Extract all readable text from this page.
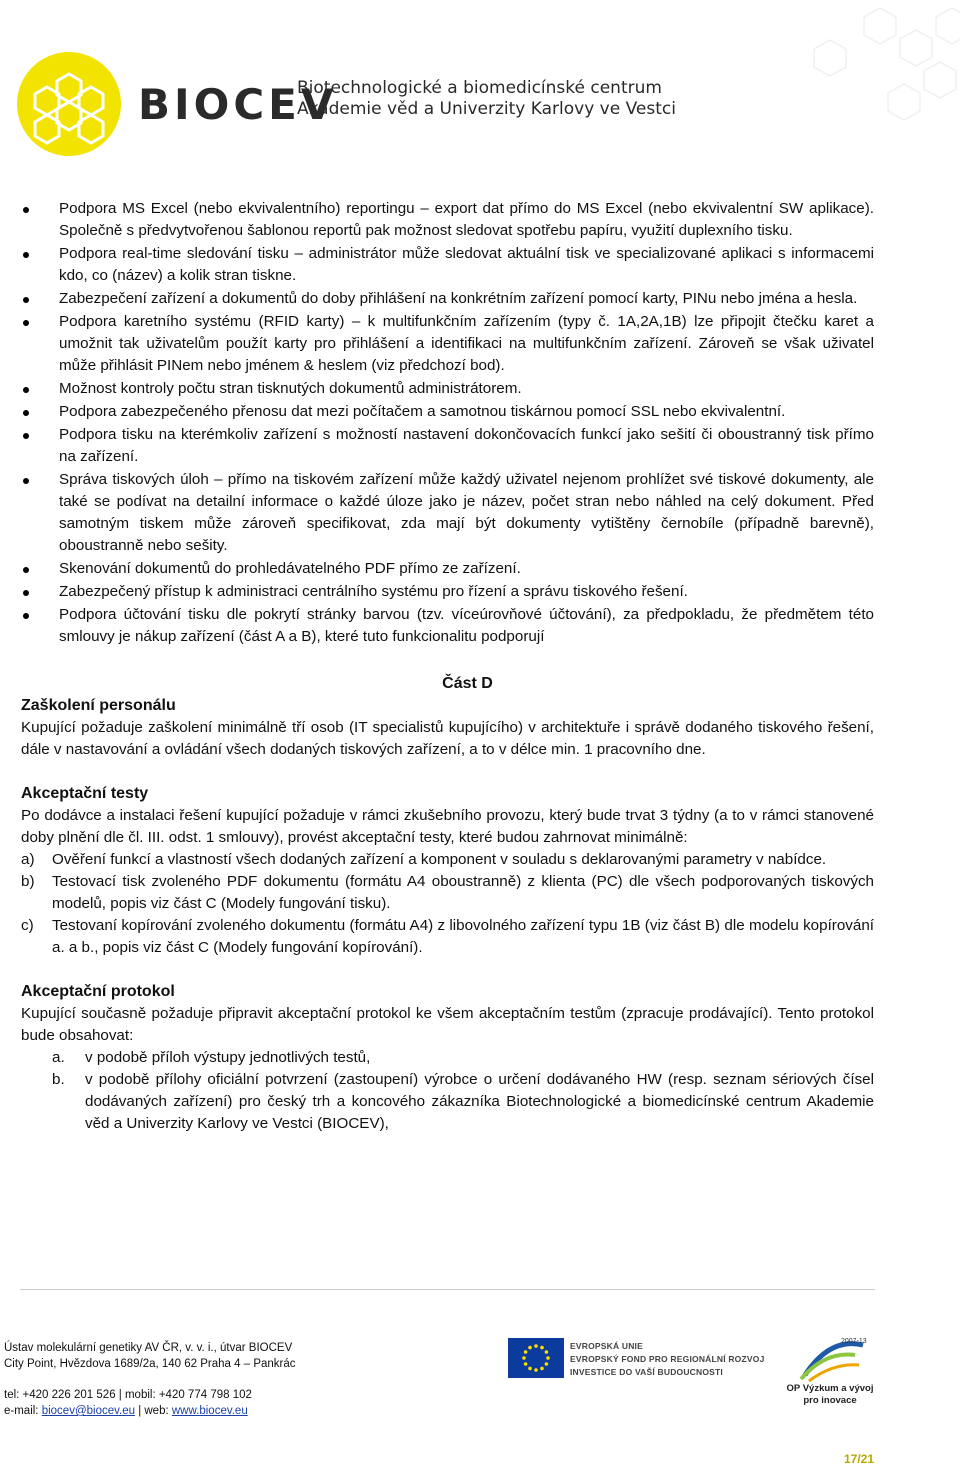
BIOCEV
Biotechnologické a biomedicínské centrum
Akademie věd a Univerzity Karlovy ve Vestci
Podpora MS Excel (nebo ekvivalentního) reportingu – export dat přímo do MS Excel (nebo ekvivalentní SW aplikace). Společně s předvytvořenou šablonou reportů pak možnost sledovat spotřebu papíru, využití duplexního tisku.
Podpora real-time sledování tisku – administrátor může sledovat aktuální tisk ve specializované aplikaci s informacemi kdo, co (název) a kolik stran tiskne.
Zabezpečení zařízení a dokumentů do doby přihlášení na konkrétním zařízení pomocí karty, PINu nebo jména a hesla.
Podpora karetního systému (RFID karty) – k multifunkčním zařízením (typy č. 1A,2A,1B) lze připojit čtečku karet a umožnit tak uživatelům použít karty pro přihlášení a identifikaci na multifunkčním zařízení. Zároveň se však uživatel může přihlásit PINem nebo jménem & heslem (viz předchozí bod).
Možnost kontroly počtu stran tisknutých dokumentů administrátorem.
Podpora zabezpečeného přenosu dat mezi počítačem a samotnou tiskárnou pomocí SSL nebo ekvivalentní.
Podpora tisku na kterémkoliv zařízení s možností nastavení dokončovacích funkcí jako sešití či oboustranný tisk přímo na zařízení.
Správa tiskových úloh – přímo na tiskovém zařízení může každý uživatel nejenom prohlížet své tiskové dokumenty, ale také se podívat na detailní informace o každé úloze jako je název, počet stran nebo náhled na celý dokument. Před samotným tiskem může zároveň specifikovat, zda mají být dokumenty vytištěny černobíle (případně barevně), oboustranně nebo sešity.
Skenování dokumentů do prohledávatelného PDF přímo ze zařízení.
Zabezpečený přístup k administraci centrálního systému pro řízení a správu tiskového řešení.
Podpora účtování tisku dle pokrytí stránky barvou (tzv. víceúrovňové účtování), za předpokladu, že předmětem této smlouvy je nákup zařízení (část A a B), které tuto funkcionalitu podporují
Část D

Zaškolení personálu

Kupující požaduje zaškolení minimálně tří osob (IT specialistů kupujícího) v architektuře i správě dodaného tiskového řešení, dále v nastavování a ovládání všech dodaných tiskových zařízení, a to v délce min. 1 pracovního dne.

Akceptační testy

Po dodávce a instalaci řešení kupující požaduje v rámci zkušebního provozu, který bude trvat 3 týdny (a to v rámci stanovené doby plnění dle čl. III. odst. 1 smlouvy), provést akceptační testy, které budou zahrnovat minimálně:

a) Ověření funkcí a vlastností všech dodaných zařízení a komponent v souladu s deklarovanými parametry v nabídce.
b) Testovací tisk zvoleného PDF dokumentu (formátu A4 oboustranně) z klienta (PC) dle všech podporovaných tiskových modelů, popis viz část C (Modely fungování tisku).
c) Testovaní kopírování zvoleného dokumentu (formátu A4) z libovolného zařízení typu 1B (viz část B) dle modelu kopírování a. a b., popis viz část C (Modely fungování kopírování).

Akceptační protokol

Kupující současně požaduje připravit akceptační protokol ke všem akceptačním testům (zpracuje prodávající). Tento protokol bude obsahovat:

a. v podobě příloh výstupy jednotlivých testů,
b. v podobě přílohy oficiální potvrzení (zastoupení) výrobce o určení dodávaného HW (resp. seznam sériových čísel dodávaných zařízení) pro český trh a koncového zákazníka Biotechnologické a biomedicínské centrum Akademie věd a Univerzity Karlovy ve Vestci (BIOCEV),
Ústav molekulární genetiky AV ČR, v. v. i., útvar BIOCEV
City Point, Hvězdova 1689/2a, 140 62 Praha 4 – Pankrác
tel: +420 226 201 526 | mobil: +420 774 798 102
e-mail: biocev@biocev.eu | web: www.biocev.eu
EVROPSKÁ UNIE
EVROPSKÝ FOND PRO REGIONÁLNÍ ROZVOJ
INVESTICE DO VAŠÍ BUDOUCNOSTI
2007-13
OP Výzkum a vývoj
pro inovace
17/21
